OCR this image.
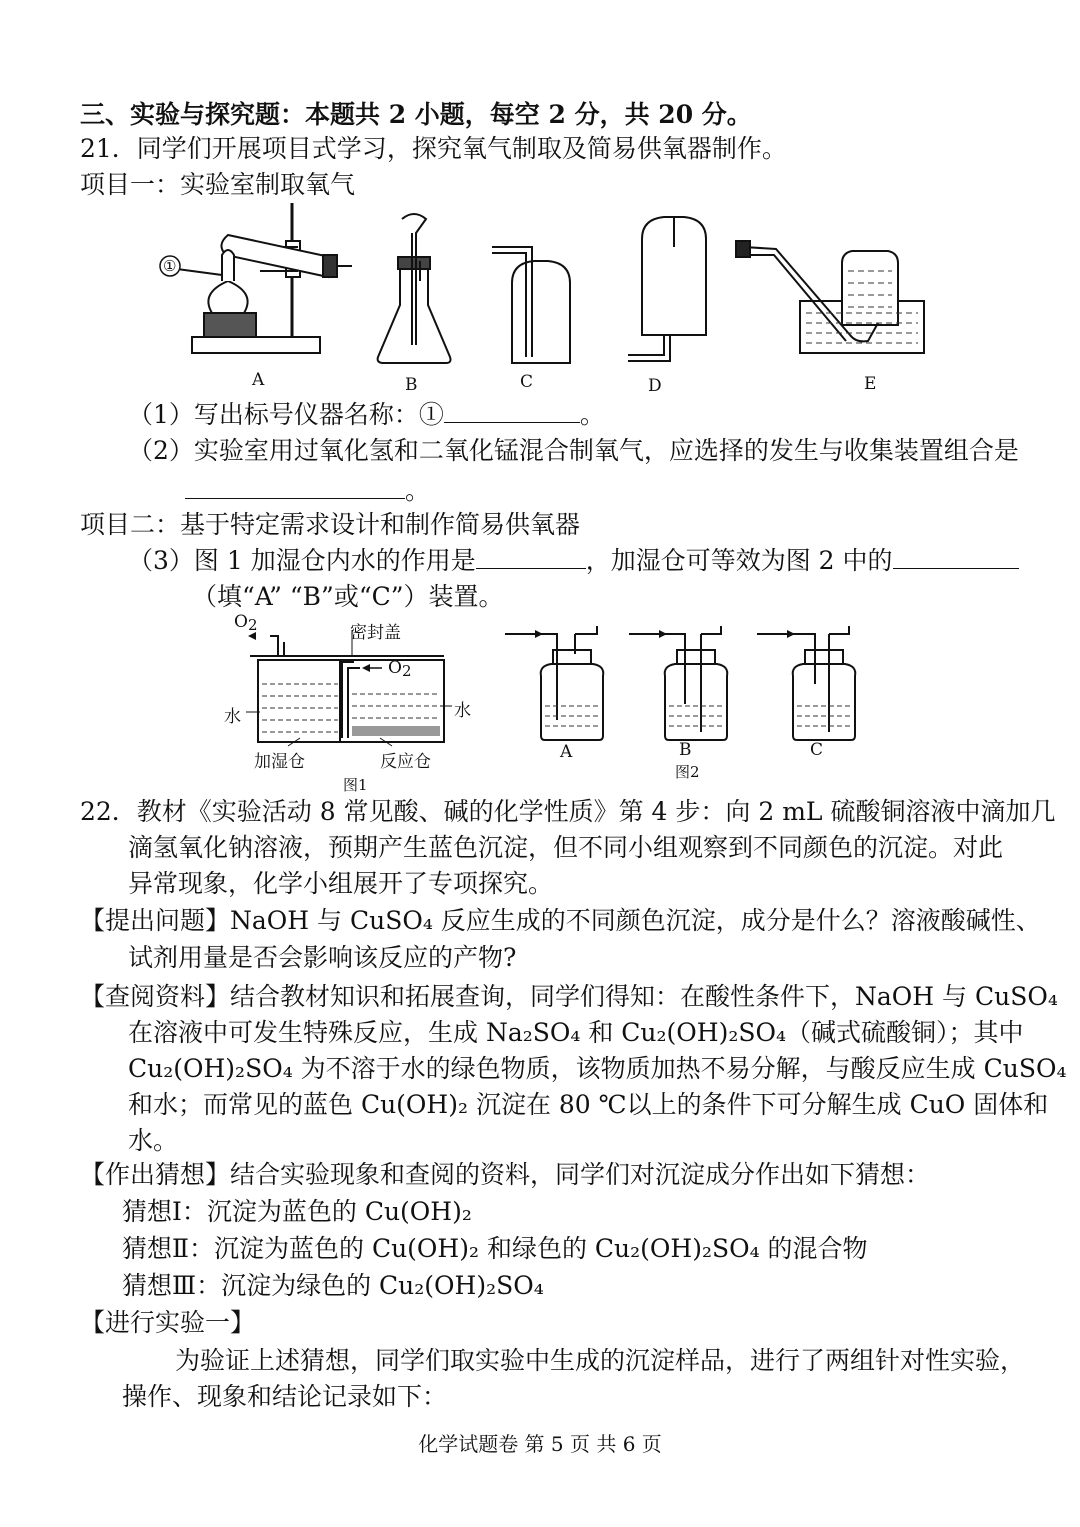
三、实验与探究题：本题共 2 小题，每空 2 分，共 20 分。
21．同学们开展项目式学习，探究氧气制取及简易供氧器制作。
项目一：实验室制取氧气
①
A	B	C	D	E
（1）写出标号仪器名称：①	。
（2）实验室用过氧化氢和二氧化锰混合制氧气，应选择的发生与收集装置组合是
。
项目二：基于特定需求设计和制作简易供氧器
（3）图 1 加湿仓内水的作用是	，加湿仓可等效为图 2 中的
（填“A” “B”或“C”）装置。
$O_2$	密封盖
$O_2$
水	水
加湿仓	反应仓
图1
A	B	C
图2
22．教材《实验活动 8 常见酸、碱的化学性质》第 4 步：向 2 mL 硫酸铜溶液中滴加几
滴氢氧化钠溶液，预期产生蓝色沉淀，但不同小组观察到不同颜色的沉淀。对此
异常现象，化学小组展开了专项探究。
【提出问题】NaOH 与 CuSO₄ 反应生成的不同颜色沉淀，成分是什么？溶液酸碱性、
试剂用量是否会影响该反应的产物?
【查阅资料】结合教材知识和拓展查询，同学们得知：在酸性条件下，NaOH 与 CuSO₄
在溶液中可发生特殊反应，生成 Na₂SO₄ 和 Cu₂(OH)₂SO₄（碱式硫酸铜）；其中
Cu₂(OH)₂SO₄ 为不溶于水的绿色物质，该物质加热不易分解，与酸反应生成 CuSO₄
和水；而常见的蓝色 Cu(OH)₂ 沉淀在 80 ℃以上的条件下可分解生成 CuO 固体和
水。
【作出猜想】结合实验现象和查阅的资料，同学们对沉淀成分作出如下猜想：
猜想Ⅰ：沉淀为蓝色的 Cu(OH)₂
猜想Ⅱ：沉淀为蓝色的 Cu(OH)₂ 和绿色的 Cu₂(OH)₂SO₄ 的混合物
猜想Ⅲ：沉淀为绿色的 Cu₂(OH)₂SO₄
【进行实验一】
为验证上述猜想，同学们取实验中生成的沉淀样品，进行了两组针对性实验，
操作、现象和结论记录如下：
化学试题卷 第 5 页 共 6 页
